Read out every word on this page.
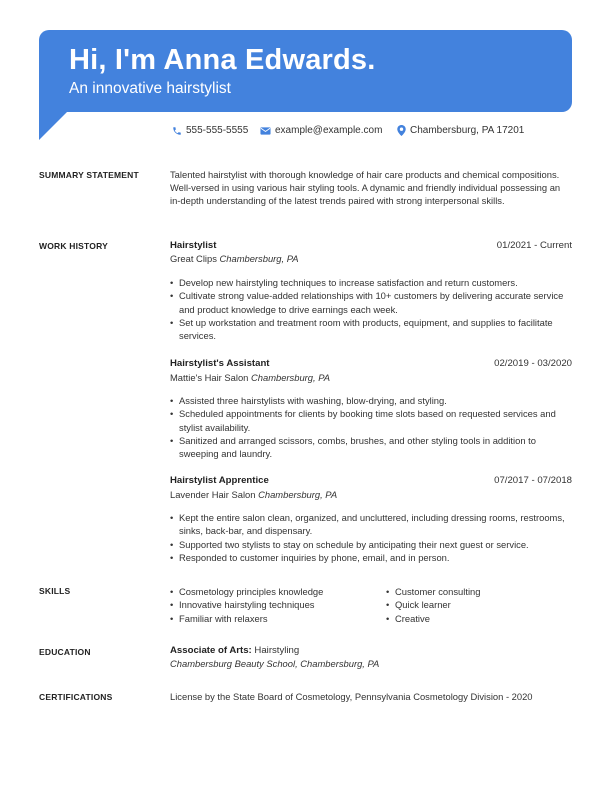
Hi, I'm Anna Edwards.
An innovative hairstylist
555-555-5555	example@example.com	Chambersburg, PA 17201
SUMMARY STATEMENT	Talented hairstylist with thorough knowledge of hair care products and chemical compositions. Well-versed in using various hair styling tools. A dynamic and friendly individual possessing an in-depth understanding of the latest trends paired with strong interpersonal skills.
WORK HISTORY	Hairstylist	01/2021 - Current
Great Clips Chambersburg, PA
• Develop new hairstyling techniques to increase satisfaction and return customers.
• Cultivate strong value-added relationships with 10+ customers by delivering accurate service and product knowledge to drive earnings each week.
• Set up workstation and treatment room with products, equipment, and supplies to facilitate services.
Hairstylist's Assistant	02/2019 - 03/2020
Mattie's Hair Salon Chambersburg, PA
• Assisted three hairstylists with washing, blow-drying, and styling.
• Scheduled appointments for clients by booking time slots based on requested services and stylist availability.
• Sanitized and arranged scissors, combs, brushes, and other styling tools in addition to sweeping and laundry.
Hairstylist Apprentice	07/2017 - 07/2018
Lavender Hair Salon Chambersburg, PA
• Kept the entire salon clean, organized, and uncluttered, including dressing rooms, restrooms, sinks, back-bar, and dispensary.
• Supported two stylists to stay on schedule by anticipating their next guest or service.
• Responded to customer inquiries by phone, email, and in person.
SKILLS
•	Cosmetology principles knowledge
• Innovative hairstyling techniques
• Familiar with relaxers
• Customer consulting
• Quick learner
• Creative
EDUCATION	Associate of Arts: Hairstyling
Chambersburg Beauty School, Chambersburg, PA
CERTIFICATIONS	License by the State Board of Cosmetology, Pennsylvania Cosmetology Division - 2020
